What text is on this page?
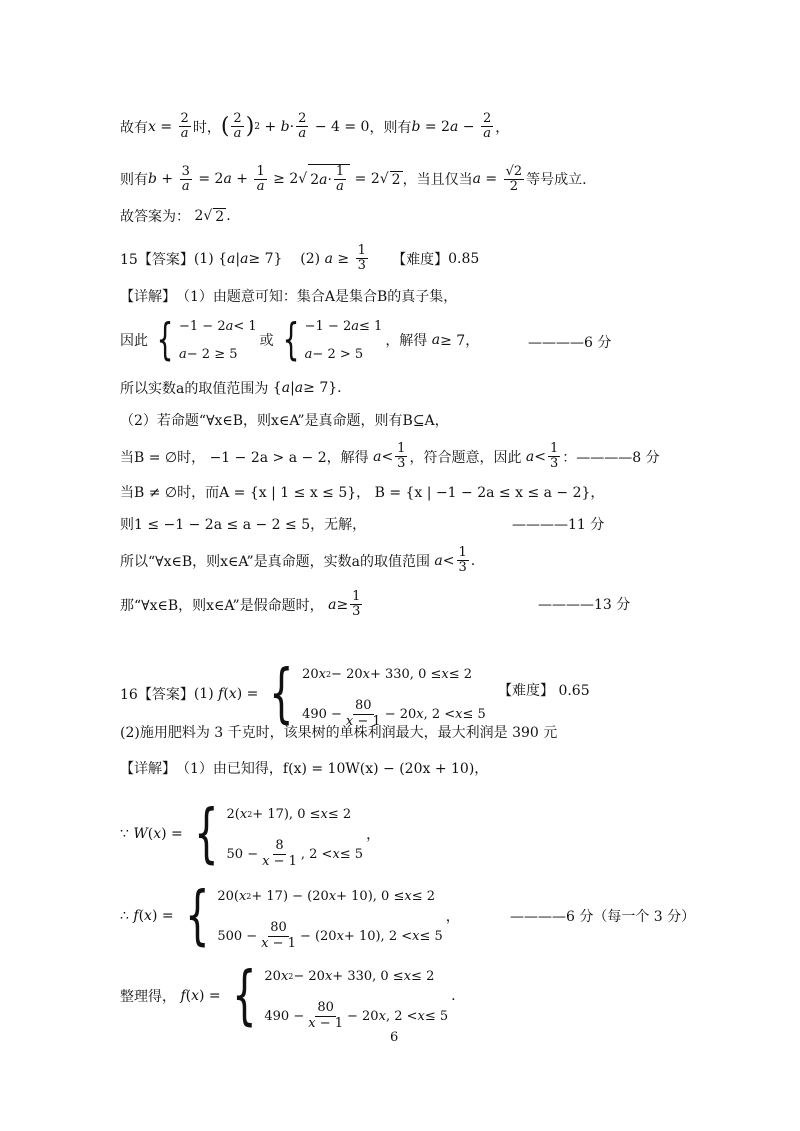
故有 $x = \frac{2}{a}$ 时， ( $\frac{2}{a}$ ) $2 + b \cdot \frac{2}{a} - 4 = 0$ ，则有 b = 2 $a - \frac{2}{a}$ ，
则有 $b + \frac{3}{a} = 2$ $a + \frac{1}{a} \ge 2√$ $2a\cdot \frac{1}{a} = 2√$ 2 ，当且仅当 $a = \frac{√2}{2}$ 等号成立.
故答案为： 2√ 2 .
15【答案】 (1) { a | a ≥ 7} (2)
$a \ge \frac{1}{3}$
【难度】 0.85
【详解】 （1）由题意可知：集合A是集合B的真子集，
因此 { −1 − 2 a < 1
a − 2 ≥ 5
或 { −1 − 2 a ≤ 1
a − 2 > 5
，解得
a ≥ 7，	————6 分
所以实数a的取值范围为 { a | a ≥ 7}.
（2）若命题“∀x∈B，则x∈A”是真命题，则有B⊆A，
当B = ∅时，
−1 − 2a > a − 2，解得
$a < \frac{1}{3}$ ，符合题意，因此
$a < \frac{1}{3}$ ：————8 分
当B ≠ ∅时，而A = {x | 1 ≤ x ≤ 5}， B = {x | −1 − 2a ≤ x ≤ a − 2}，
则1 ≤ −1 − 2a ≤ a − 2 ≤ 5，无解，	————11 分
所以“∀x∈B，则x∈A”是真命题，实数a的取值范围
$a < \frac{1}{3}$ .
那“∀x∈B，则x∈A”是假命题时，
$a \ge \frac{1}{3}$	————13 分
16【答案】 (1)
f ( x ) = { 20 x 2 − 20 x + 330, 0 ≤ x ≤ 2
$490 - \frac{80}{x - 1} - 20$ x , 2 < x ≤ 5
【难度】 0.65
(2)施用肥料为 3 千克时，该果树的单株利润最大，最大利润是 390 元
【详解】 （1）由已知得， f(x) = 10W(x) − (20x + 10)，
∵
W ( x ) = { 2( x 2 + 17), 0 ≤ x ≤ 2
$50 - \frac{8}{x - 1}$ , 2 < x ≤ 5
，
∴
f ( x ) = { 20( x 2 + 17) − (20 x + 10), 0 ≤ x ≤ 2
$500 - \frac{80}{x - 1} - (20$ x + 10), 2 < x ≤ 5
，	————6 分（每一个 3 分）
整理得，
f ( x ) = { 20 x 2 − 20 x + 330, 0 ≤ x ≤ 2
$490 - \frac{80}{x - 1} - 20$ x , 2 < x ≤ 5
.
6
